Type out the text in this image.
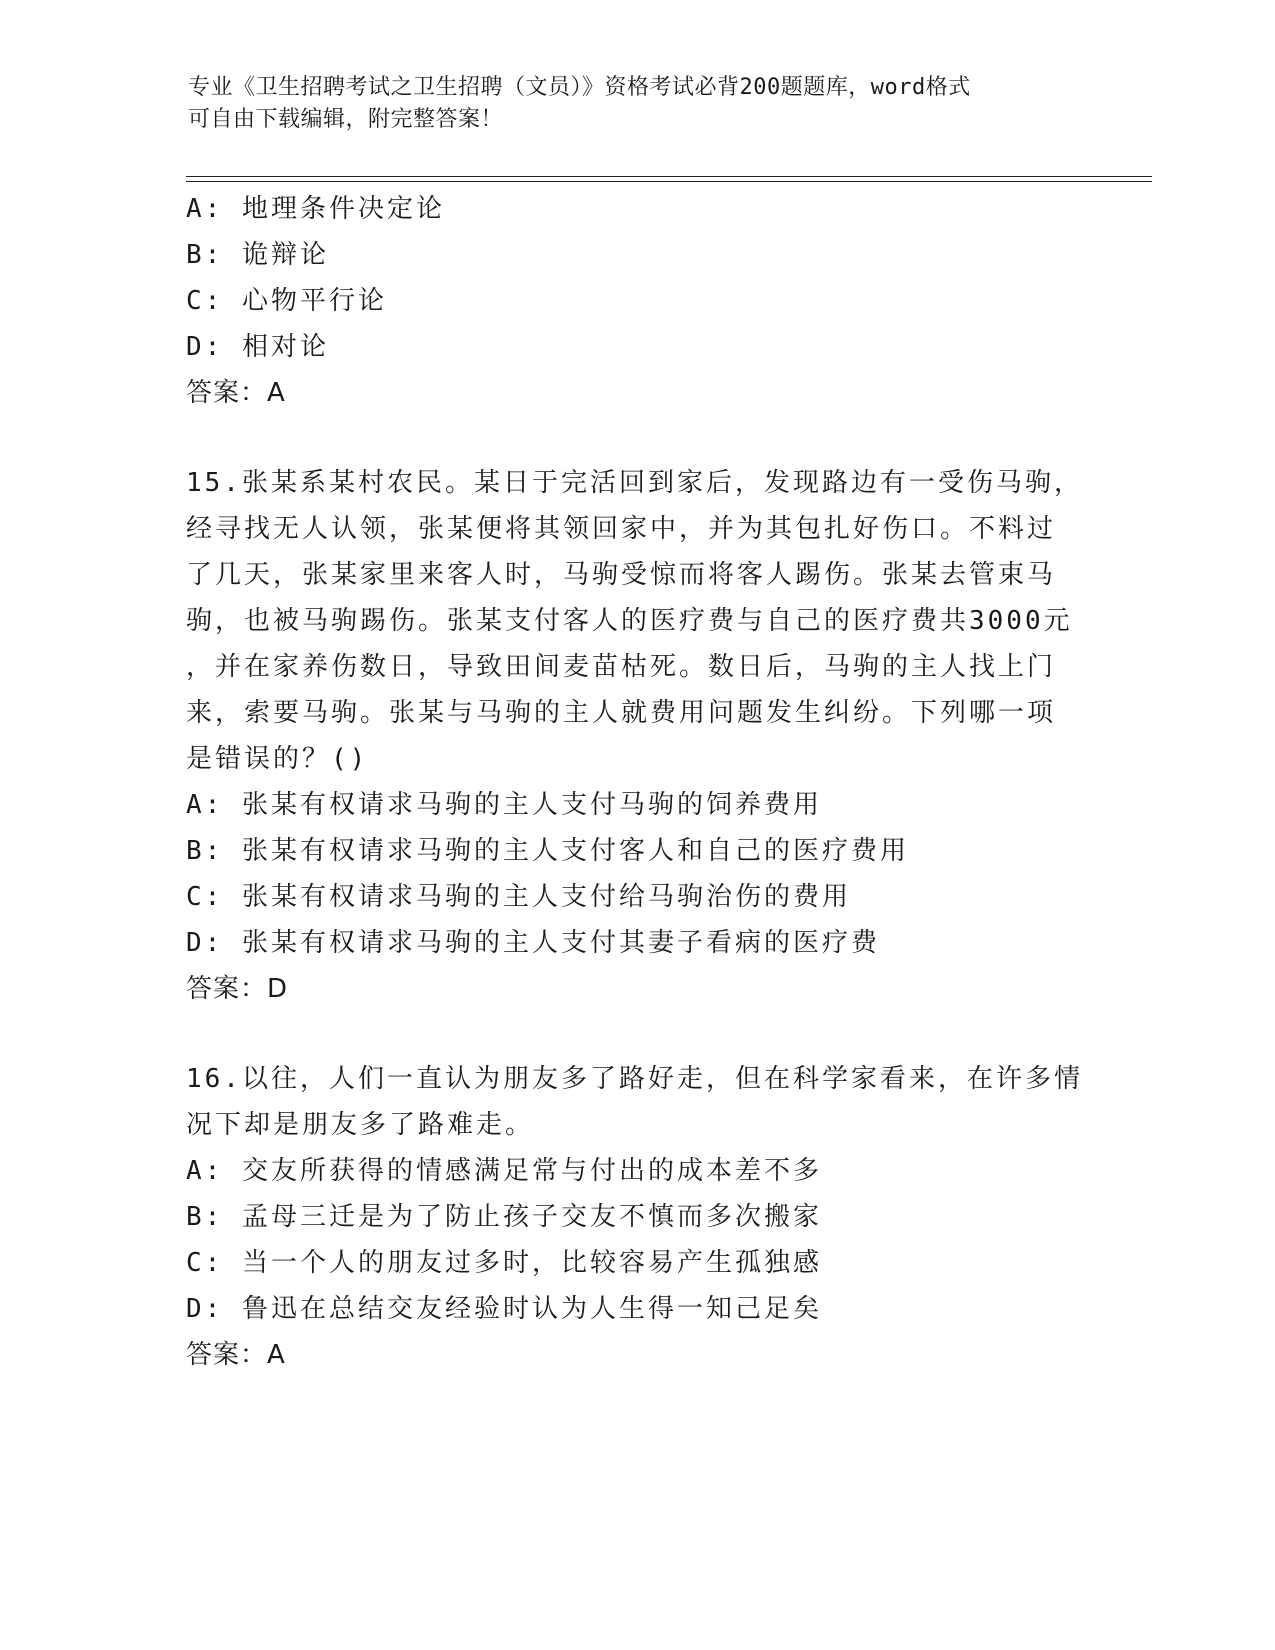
专业《卫生招聘考试之卫生招聘（文员）》资格考试必背200题题库，word格式
可自由下载编辑，附完整答案！
A: 地理条件决定论
B: 诡辩论
C: 心物平行论
D: 相对论
答案：A
15.张某系某村农民。某日于完活回到家后，发现路边有一受伤马驹，
经寻找无人认领，张某便将其领回家中，并为其包扎好伤口。不料过
了几天，张某家里来客人时，马驹受惊而将客人踢伤。张某去管束马
驹，也被马驹踢伤。张某支付客人的医疗费与自己的医疗费共3000元
，并在家养伤数日，导致田间麦苗枯死。数日后，马驹的主人找上门
来，索要马驹。张某与马驹的主人就费用问题发生纠纷。下列哪一项
是错误的？()
A: 张某有权请求马驹的主人支付马驹的饲养费用
B: 张某有权请求马驹的主人支付客人和自己的医疗费用
C: 张某有权请求马驹的主人支付给马驹治伤的费用
D: 张某有权请求马驹的主人支付其妻子看病的医疗费
答案：D
16.以往，人们一直认为朋友多了路好走，但在科学家看来，在许多情
况下却是朋友多了路难走。
A: 交友所获得的情感满足常与付出的成本差不多
B: 孟母三迁是为了防止孩子交友不慎而多次搬家
C: 当一个人的朋友过多时，比较容易产生孤独感
D: 鲁迅在总结交友经验时认为人生得一知己足矣
答案：A
